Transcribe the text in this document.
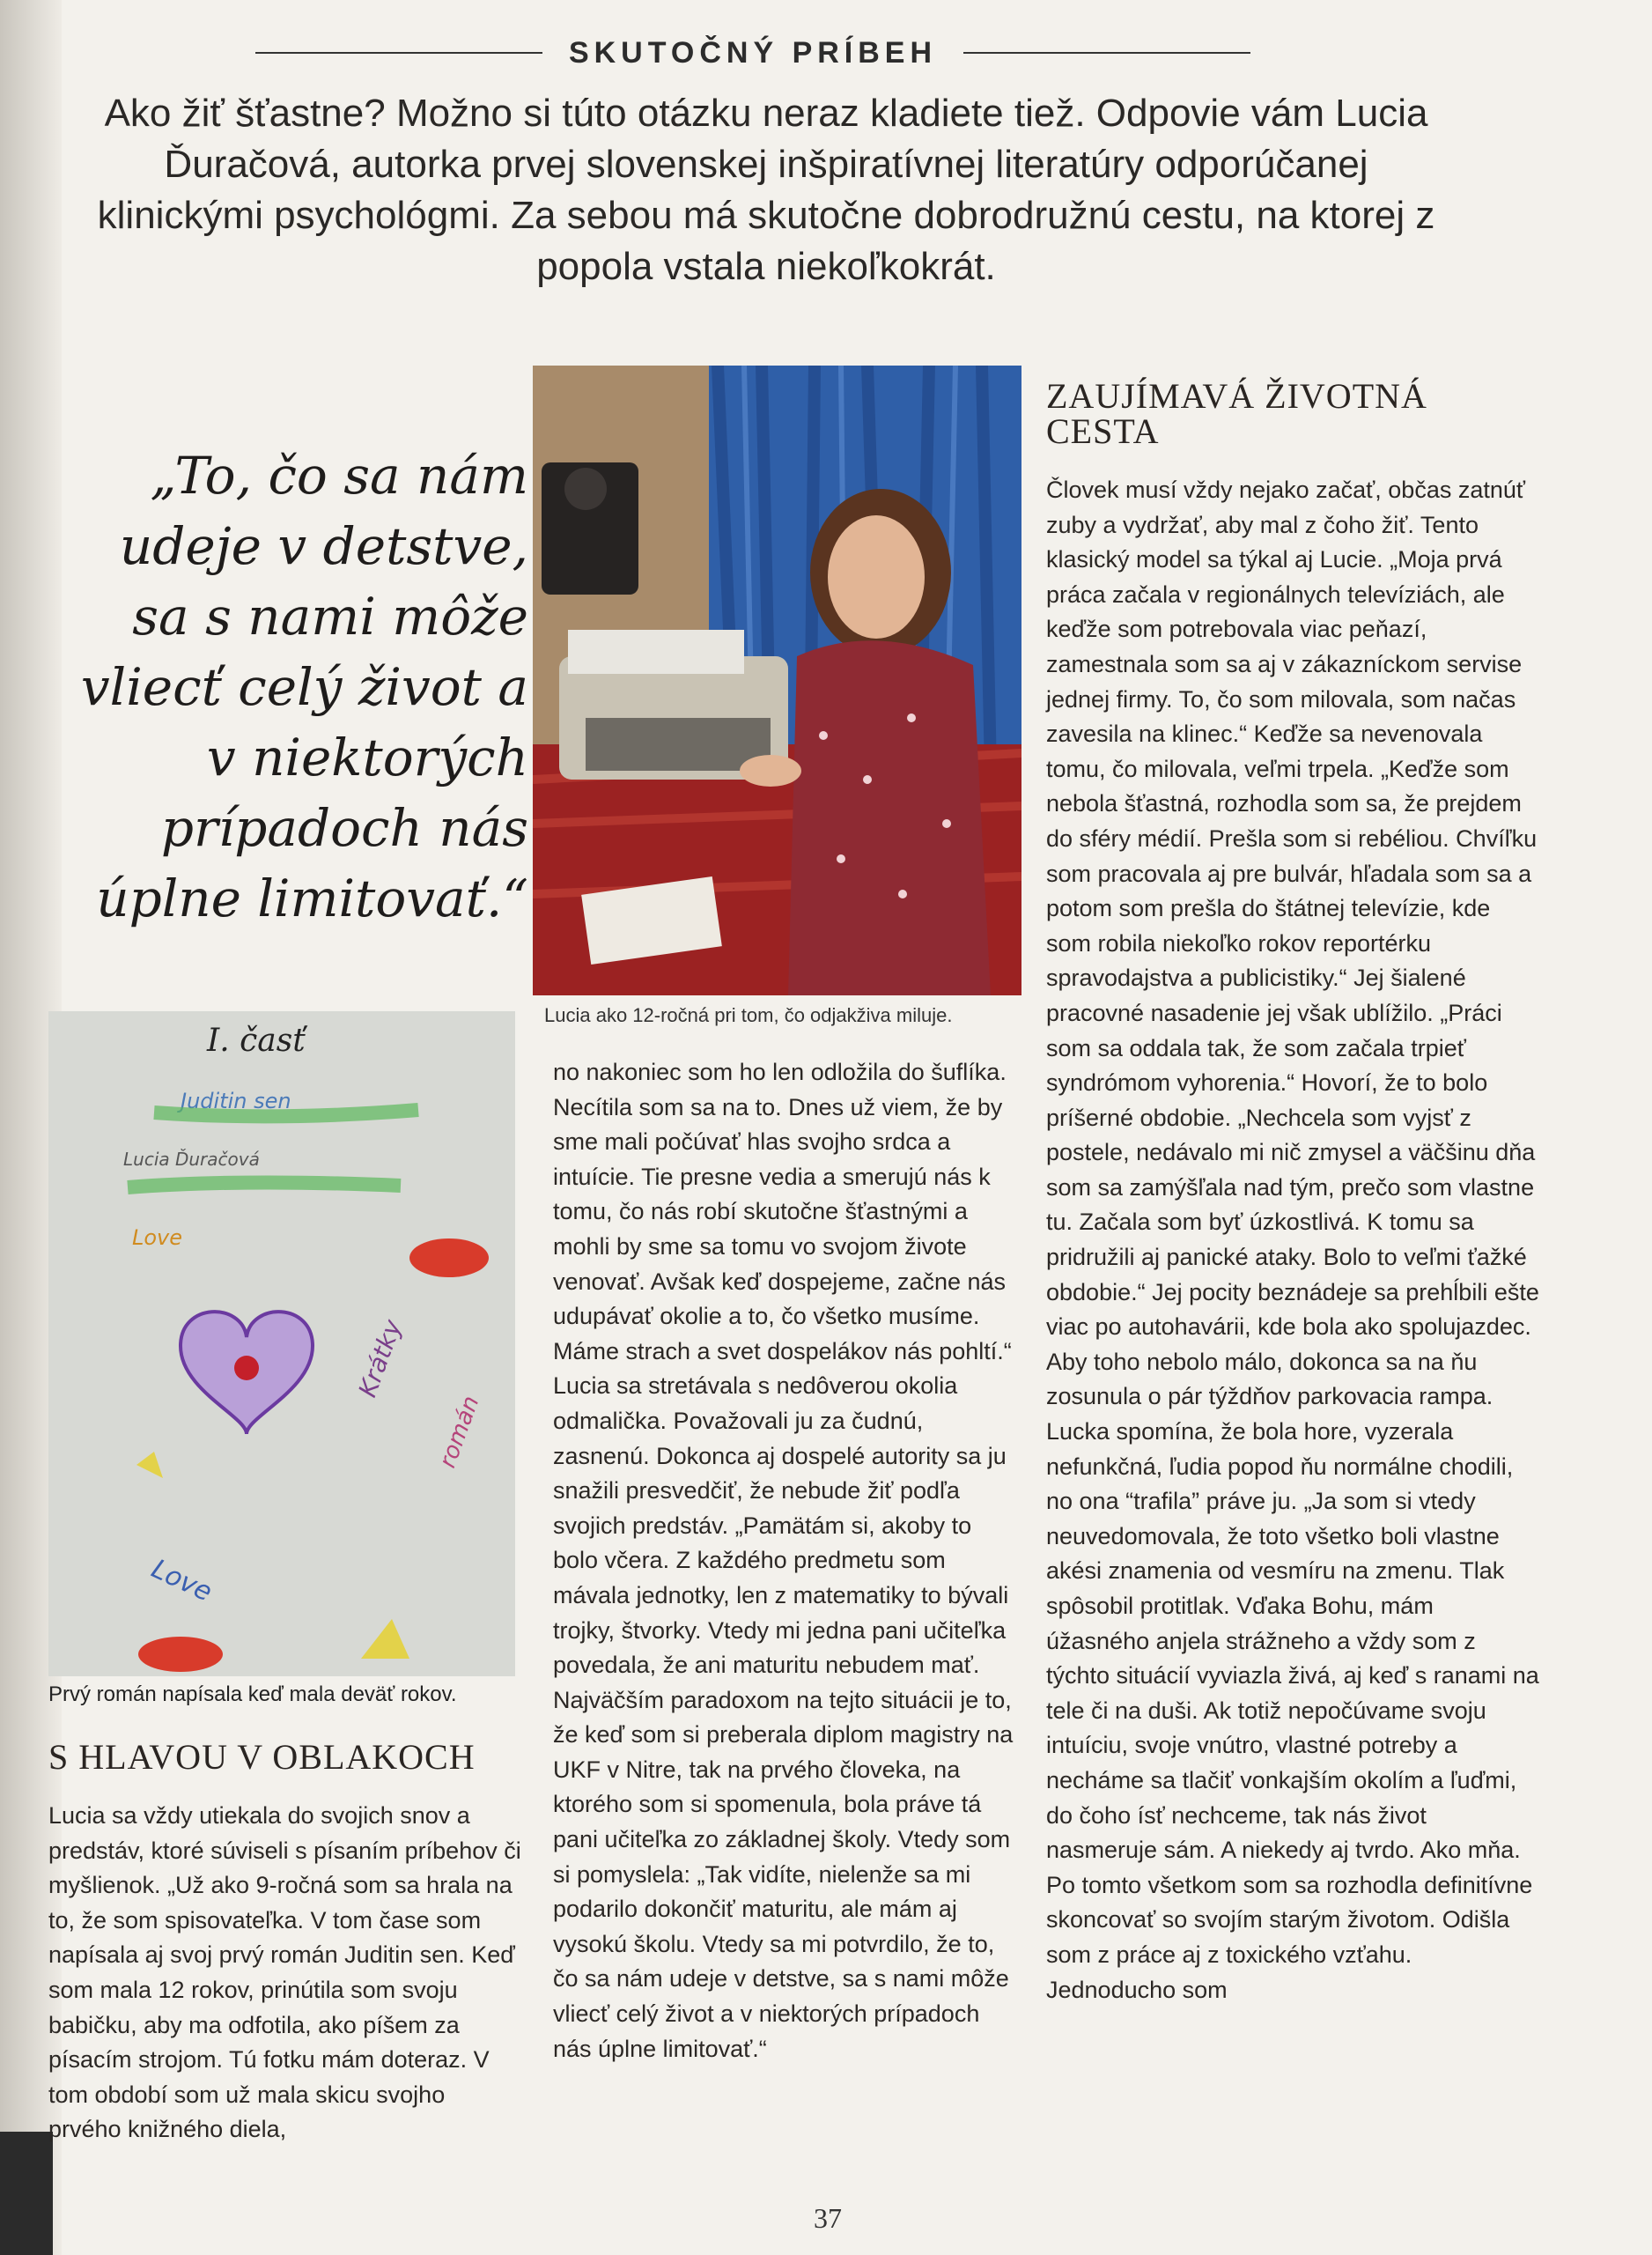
SKUTOČNÝ PRÍBEH
Ako žiť šťastne? Možno si túto otázku neraz kladiete tiež. Odpovie vám Lucia Ďuračová, autorka prvej slovenskej inšpiratívnej literatúry odporúčanej klinickými psychológmi. Za sebou má skutočne dobrodružnú cestu, na ktorej z popola vstala niekoľkokrát.
„To, čo sa nám udeje v detstve, sa s nami môže vliecť celý život a v niektorých prípadoch nás úplne limitovať.“
Lucia ako 12-ročná pri tom, čo odjakživa miluje.
I. časť
Juditin sen
Lucia Ďuračová
Love
Krátky
román
Love
Prvý román napísala keď mala deväť rokov.
S HLAVOU V OBLAKOCH

Lucia sa vždy utiekala do svojich snov a predstáv, ktoré súviseli s písaním príbehov či myšlienok. „Už ako 9-ročná som sa hrala na to, že som spisovateľka. V tom čase som napísala aj svoj prvý román Juditin sen. Keď som mala 12 rokov, prinútila som svoju babičku, aby ma odfotila, ako píšem za písacím strojom. Tú fotku mám doteraz. V tom období som už mala skicu svojho prvého knižného diela,

no nakoniec som ho len odložila do šuflíka. Necítila som sa na to. Dnes už viem, že by sme mali počúvať hlas svojho srdca a intuície. Tie presne vedia a smerujú nás k tomu, čo nás robí skutočne šťastnými a mohli by sme sa tomu vo svojom živote venovať. Avšak keď dospejeme, začne nás udupávať okolie a to, čo všetko musíme. Máme strach a svet dospelákov nás pohltí.“ Lucia sa stretávala s nedôverou okolia odmalička. Považovali ju za čudnú, zasnenú. Dokonca aj dospelé autority sa ju snažili presvedčiť, že nebude žiť podľa svojich predstáv. „Pamätám si, akoby to bolo včera. Z každého predmetu som mávala jednotky, len z matematiky to bývali trojky, štvorky. Vtedy mi jedna pani učiteľka povedala, že ani maturitu nebudem mať. Najväčším paradoxom na tejto situácii je to, že keď som si preberala diplom magistry na UKF v Nitre, tak na prvého človeka, na ktorého som si spomenula, bola práve tá pani učiteľka zo základnej školy. Vtedy som si pomyslela: „Tak vidíte, nielenže sa mi podarilo dokončiť maturitu, ale mám aj vysokú školu. Vtedy sa mi potvrdilo, že to, čo sa nám udeje v detstve, sa s nami môže vliecť celý život a v niektorých prípadoch nás úplne limitovať.“

ZAUJÍMAVÁ ŽIVOTNÁ CESTA

Človek musí vždy nejako začať, občas zatnúť zuby a vydržať, aby mal z čoho žiť. Tento klasický model sa týkal aj Lucie. „Moja prvá práca začala v regionálnych televíziách, ale keďže som potrebovala viac peňazí, zamestnala som sa aj v zákazníckom servise jednej firmy. To, čo som milovala, som načas zavesila na klinec.“ Keďže sa nevenovala tomu, čo milovala, veľmi trpela. „Keďže som nebola šťastná, rozhodla som sa, že prejdem do sféry médií. Prešla som si rebéliou. Chvíľku som pracovala aj pre bulvár, hľadala som sa a potom som prešla do štátnej televízie, kde som robila niekoľko rokov reportérku spravodajstva a publicistiky.“ Jej šialené pracovné nasadenie jej však ublížilo. „Práci som sa oddala tak, že som začala trpieť syndrómom vyhorenia.“ Hovorí, že to bolo príšerné obdobie. „Nechcela som vyjsť z postele, nedávalo mi nič zmysel a väčšinu dňa som sa zamýšľala nad tým, prečo som vlastne tu. Začala som byť úzkostlivá. K tomu sa pridružili aj panické ataky. Bolo to veľmi ťažké obdobie.“ Jej pocity beznádeje sa prehĺbili ešte viac po autohavárii, kde bola ako spolujazdec. Aby toho nebolo málo, dokonca sa na ňu zosunula o pár týždňov parkovacia rampa. Lucka spomína, že bola hore, vyzerala nefunkčná, ľudia popod ňu normálne chodili, no ona “trafila” práve ju. „Ja som si vtedy neuvedomovala, že toto všetko boli vlastne akési znamenia od vesmíru na zmenu. Tlak spôsobil protitlak. Vďaka Bohu, mám úžasného anjela strážneho a vždy som z týchto situácií vyviazla živá, aj keď s ranami na tele či na duši. Ak totiž nepočúvame svoju intuíciu, svoje vnútro, vlastné potreby a necháme sa tlačiť vonkajším okolím a ľuďmi, do čoho ísť nechceme, tak nás život nasmeruje sám. A niekedy aj tvrdo. Ako mňa. Po tomto všetkom som sa rozhodla definitívne skoncovať so svojím starým životom. Odišla som z práce aj z toxického vzťahu. Jednoducho som

37
